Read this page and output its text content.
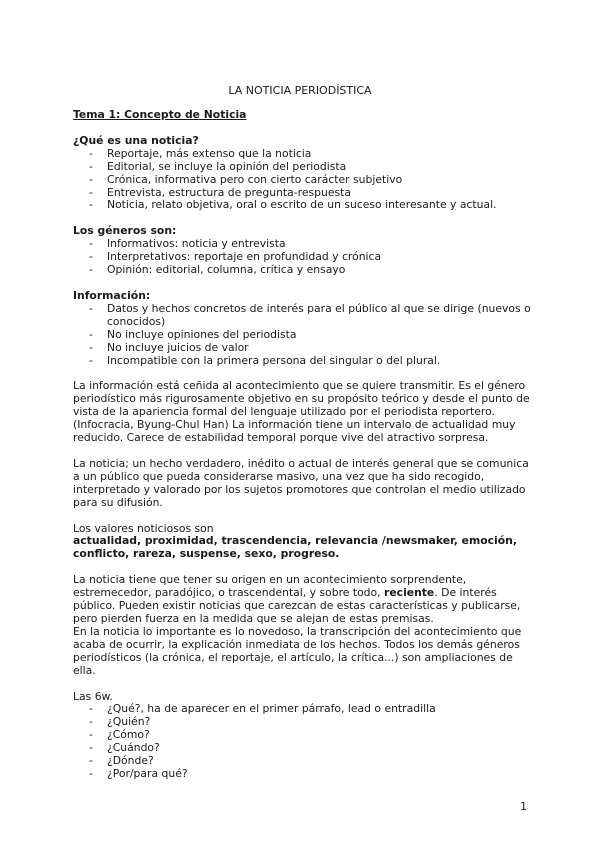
LA NOTICIA PERIODÍSTICA
Tema 1: Concepto de Noticia
¿Qué es una noticia?
- Reportaje, más extenso que la noticia
- Editorial, se incluye la opinión del periodista
- Crónica, informativa pero con cierto carácter subjetivo
- Entrevista, estructura de pregunta-respuesta
- Noticia, relato objetiva, oral o escrito de un suceso interesante y actual.
Los géneros son:
- Informativos: noticia y entrevista
- Interpretativos: reportaje en profundidad y crónica
- Opinión: editorial, columna, crítica y ensayo
Información:
- Datos y hechos concretos de interés para el público al que se dirige (nuevos o conocidos)
- No incluye opiniones del periodista
- No incluye juicios de valor
- Incompatible con la primera persona del singular o del plural.

La información está ceñida al acontecimiento que se quiere transmitir. Es el género periodístico más rigurosamente objetivo en su propósito teórico y desde el punto de vista de la apariencia formal del lenguaje utilizado por el periodista reportero. (Infocracia, Byung-Chul Han) La información tiene un intervalo de actualidad muy reducido. Carece de estabilidad temporal porque vive del atractivo sorpresa.

La noticia; un hecho verdadero, inédito o actual de interés general que se comunica a un público que pueda considerarse masivo, una vez que ha sido recogido, interpretado y valorado por los sujetos promotores que controlan el medio utilizado para su difusión.

Los valores noticiosos son
actualidad, proximidad, trascendencia, relevancia /newsmaker, emoción, conflicto, rareza, suspense, sexo, progreso.

La noticia tiene que tener su origen en un acontecimiento sorprendente, estremecedor, paradójico, o trascendental, y sobre todo, reciente. De interés público. Pueden existir noticias que carezcan de estas características y publicarse, pero pierden fuerza en la medida que se alejan de estas premisas.

En la noticia lo importante es lo novedoso, la transcripción del acontecimiento que acaba de ocurrir, la explicación inmediata de los hechos. Todos los demás géneros periodísticos (la crónica, el reportaje, el artículo, la crítica...) son ampliaciones de ella.

Las 6w.
- ¿Qué?, ha de aparecer en el primer párrafo, lead o entradilla
- ¿Quién?
- ¿Cómo?
- ¿Cuándo?
- ¿Dónde?
- ¿Por/para qué?
1
